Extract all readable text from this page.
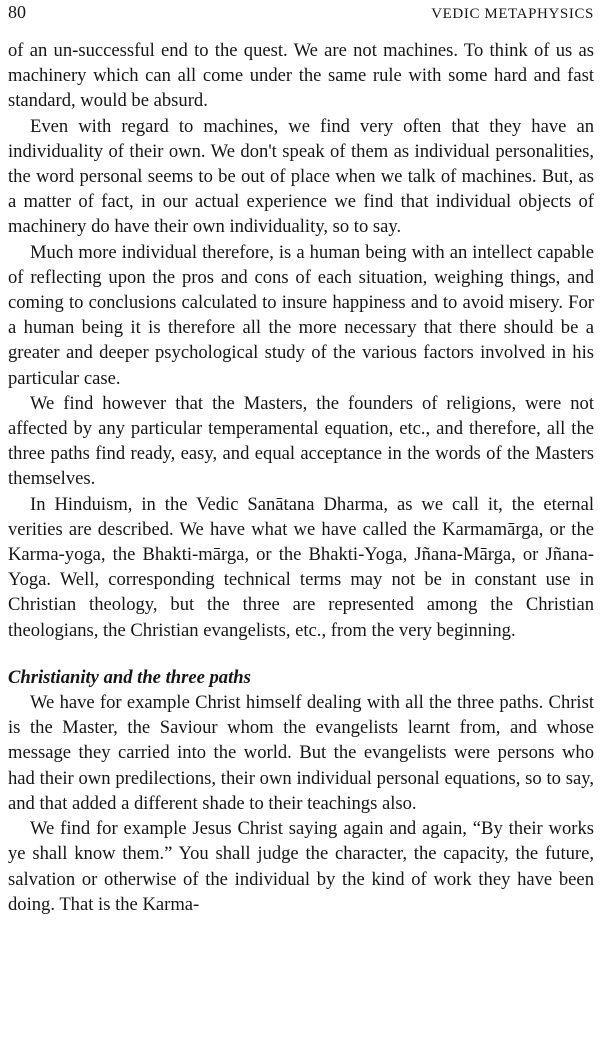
80	VEDIC METAPHYSICS

of an un-successful end to the quest. We are not machines. To think of us as machinery which can all come under the same rule with some hard and fast standard, would be absurd.

Even with regard to machines, we find very often that they have an individuality of their own. We don't speak of them as individual personalities, the word personal seems to be out of place when we talk of machines. But, as a matter of fact, in our actual experience we find that individual objects of machinery do have their own individuality, so to say.

Much more individual therefore, is a human being with an intellect capable of reflecting upon the pros and cons of each situation, weighing things, and coming to conclusions calculated to insure happiness and to avoid misery. For a human being it is therefore all the more necessary that there should be a greater and deeper psychological study of the various factors involved in his particular case.

We find however that the Masters, the founders of religions, were not affected by any particular temperamental equation, etc., and therefore, all the three paths find ready, easy, and equal acceptance in the words of the Masters themselves.

In Hinduism, in the Vedic Sanātana Dharma, as we call it, the eternal verities are described. We have what we have called the Karmamārga, or the Karma-yoga, the Bhakti-mārga, or the Bhakti-Yoga, Jñana-Mārga, or Jñana-Yoga. Well, corresponding technical terms may not be in constant use in Christian theology, but the three are represented among the Christian theologians, the Christian evangelists, etc., from the very beginning.

Christianity and the three paths

We have for example Christ himself dealing with all the three paths. Christ is the Master, the Saviour whom the evangelists learnt from, and whose message they carried into the world. But the evangelists were persons who had their own predilections, their own individual personal equations, so to say, and that added a different shade to their teachings also.

We find for example Jesus Christ saying again and again, “By their works ye shall know them.” You shall judge the character, the capacity, the future, salvation or otherwise of the individual by the kind of work they have been doing. That is the Karma-
